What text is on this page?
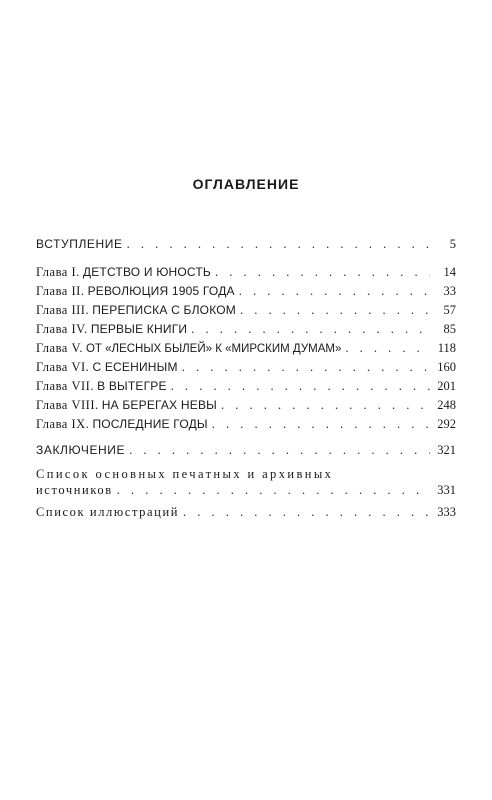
ОГЛАВЛЕНИЕ
ВСТУПЛЕНИЕ . . .	5
Глава I. ДЕТСТВО И ЮНОСТЬ . . .	14
Глава II. РЕВОЛЮЦИЯ 1905 ГОДА . . .	33
Глава III. ПЕРЕПИСКА С БЛОКОМ . . .	57
Глава IV. ПЕРВЫЕ КНИГИ . . .	85
Глава V. ОТ «ЛЕСНЫХ БЫЛЕЙ» К «МИРСКИМ ДУМАМ» . . .	118
Глава VI. С ЕСЕНИНЫМ . . .	160
Глава VII. В ВЫТЕГРЕ . . .	201
Глава VIII. НА БЕРЕГАХ НЕВЫ . . .	248
Глава IX. ПОСЛЕДНИЕ ГОДЫ . . .	292
ЗАКЛЮЧЕНИЕ . . .	321
Список основных печатных и архивных
источников . . .	331
Список иллюстраций . . .	333
